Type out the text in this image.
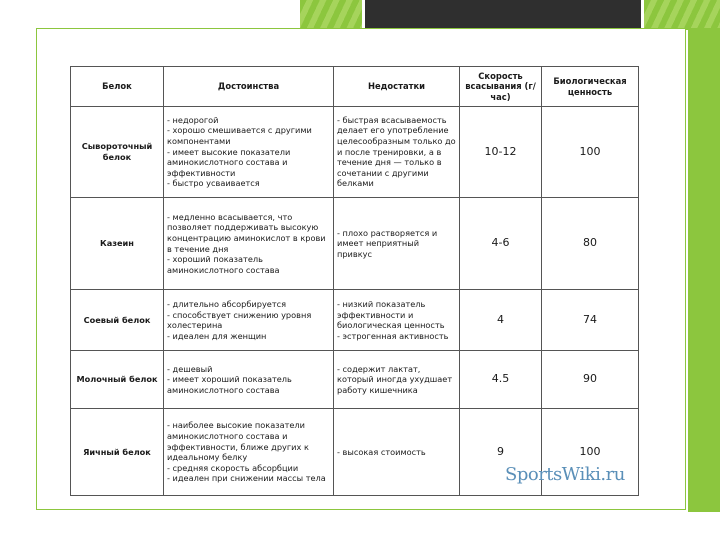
Белок	Достоинства	Недостатки	Скорость всасывания (г/час)	Биологическая ценность
Сывороточный белок	- недорогой
- хорошо смешивается с другими компонентами
- имеет высокие показатели аминокислотного состава и эффективности
- быстро усваивается	- быстрая всасываемость делает его употребление целесообразным только до и после тренировки, а в течение дня — только в сочетании с другими белками	10-12	100
Казеин	- медленно всасывается, что позволяет поддерживать высокую концентрацию аминокислот в крови в течение дня
- хороший показатель аминокислотного состава	- плохо растворяется и имеет неприятный привкус	4-6	80
Соевый белок	- длительно абсорбируется
- способствует снижению уровня холестерина
- идеален для женщин	- низкий показатель эффективности и биологическая ценность
- эстрогенная активность	4	74
Молочный белок	- дешевый
- имеет хороший показатель аминокислотного состава	- содержит лактат, который иногда ухудшает работу кишечника	4.5	90
Яичный белок	- наиболее высокие показатели аминокислотного состава и эффективности, ближе других к идеальному белку
- средняя скорость абсорбции
- идеален при снижении массы тела	- высокая стоимость	9	100
SportsWiki.ru
